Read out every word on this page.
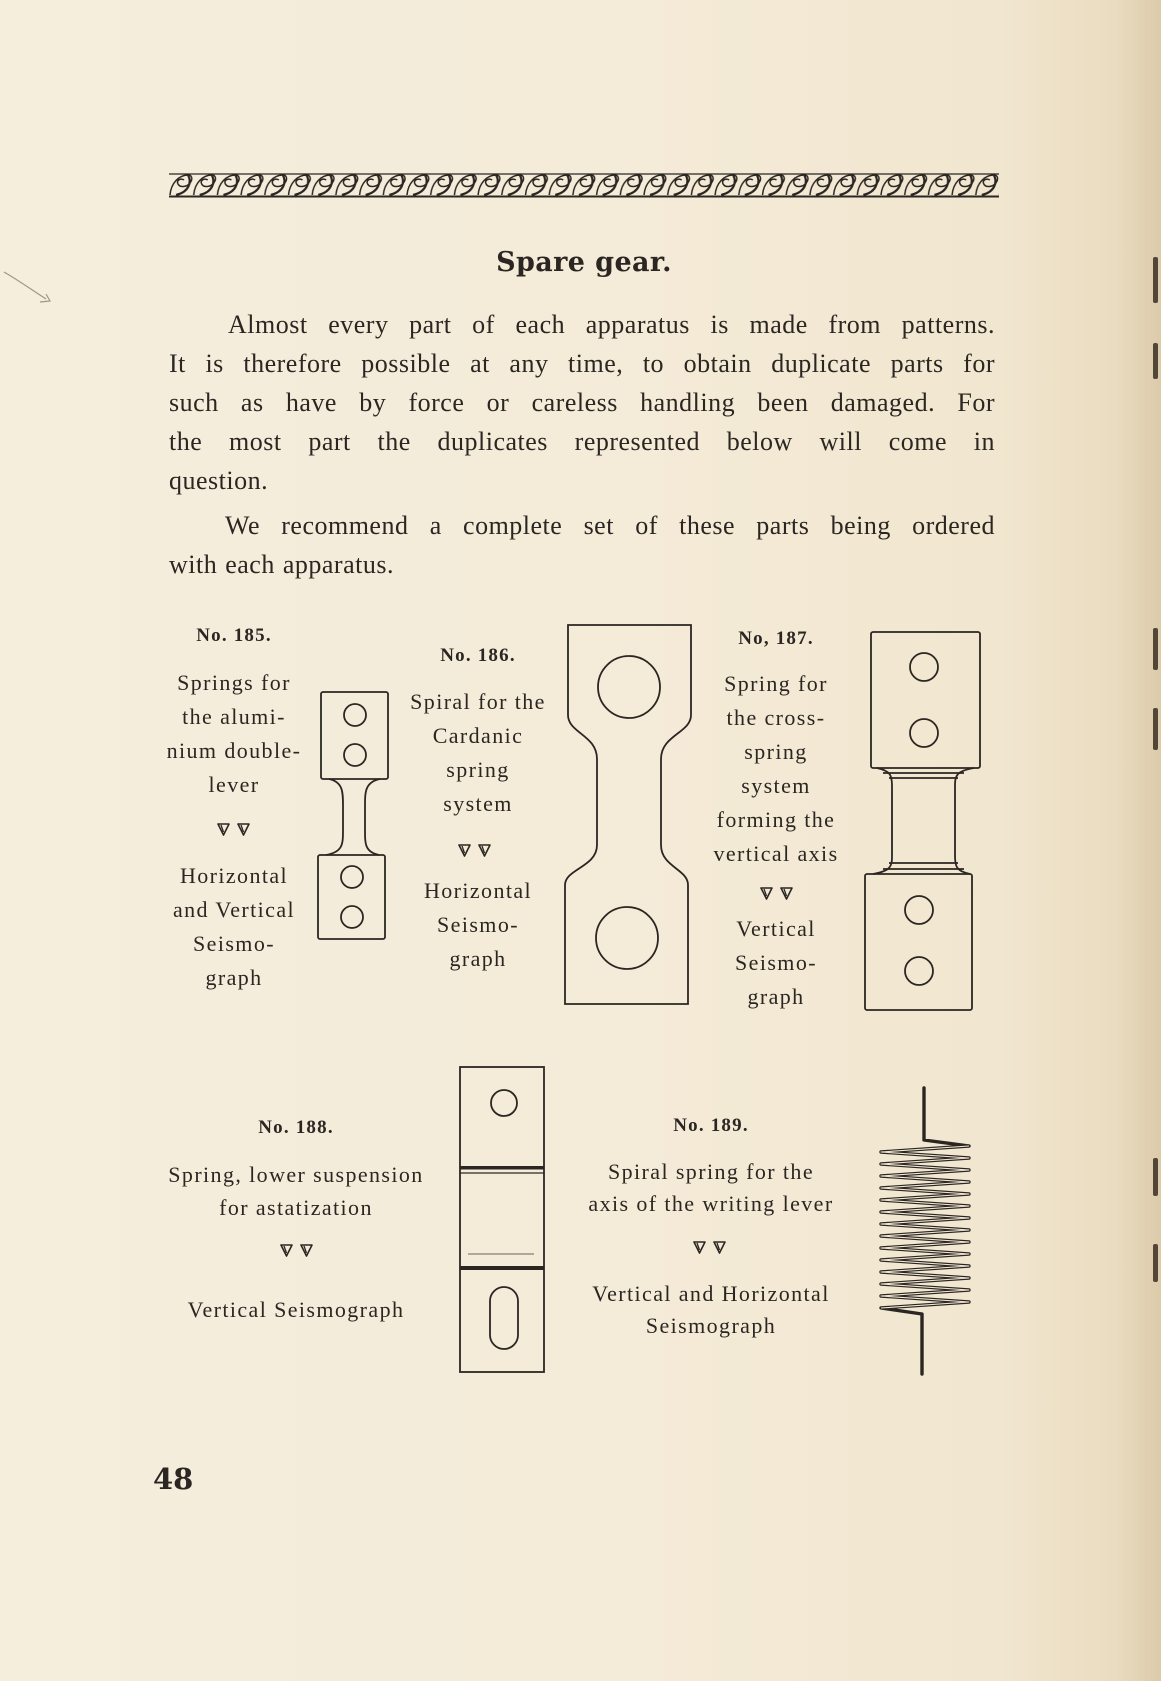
Spare gear.
Almost every part of each apparatus is made from patterns.
It is therefore possible at any time, to obtain duplicate parts for
such as have by force or careless handling been damaged. For
the most part the duplicates represented below will come in
question.
We recommend a complete set of these parts being ordered
with each apparatus.
No. 185.
Springs for
the alumi-
nium double-
lever
Horizontal
and Vertical
Seismo-
graph
No. 186.
Spiral for the
Cardanic
spring
system
Horizontal
Seismo-
graph
No, 187.
Spring for
the cross-
spring
system
forming the
vertical axis
Vertical
Seismo-
graph
No. 188.
Spring, lower suspension
for astatization
Vertical Seismograph
No. 189.
Spiral spring for the
axis of the writing lever
Vertical and Horizontal
Seismograph
48
